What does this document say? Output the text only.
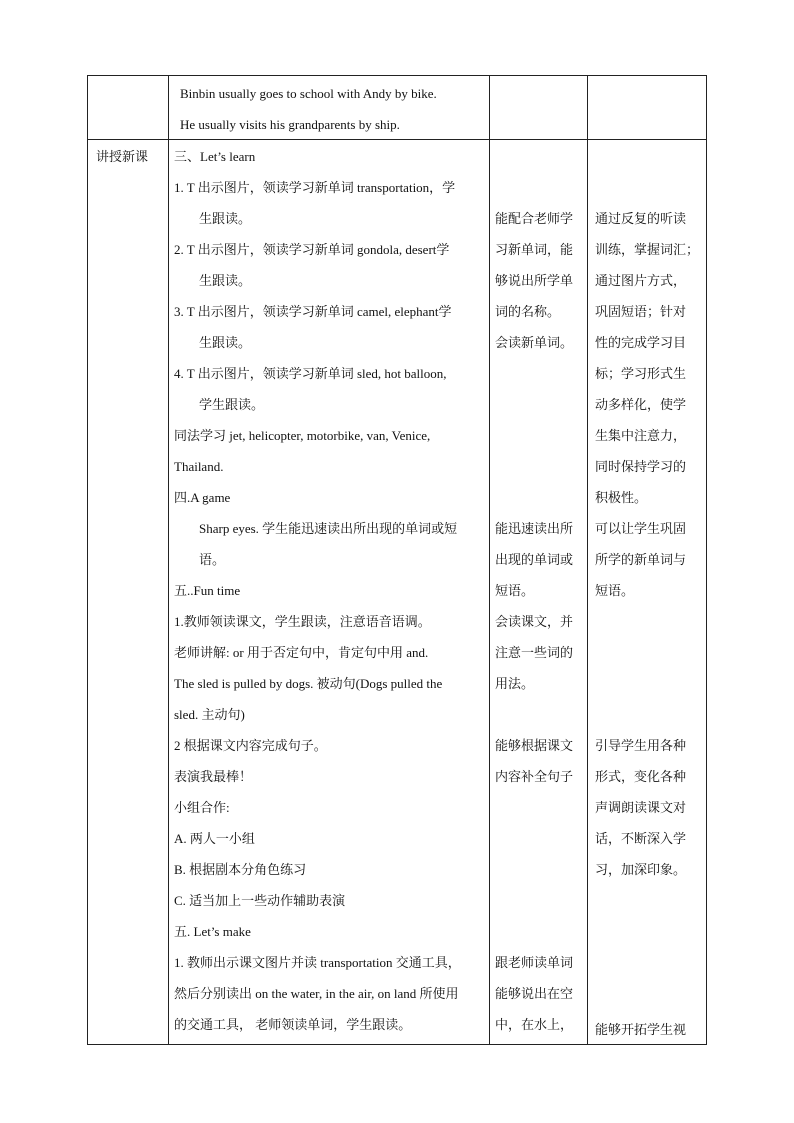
Binbin usually goes to school with Andy by bike.
He usually visits his grandparents by ship.
讲授新课 三、Let’s learn
1. T 出示图片，领读学习新单词 transportation，学
生跟读。
2. T 出示图片，领读学习新单词 gondola, desert学
生跟读。
3. T 出示图片，领读学习新单词 camel, elephant学
生跟读。
4. T 出示图片，领读学习新单词 sled, hot balloon,
学生跟读。
同法学习 jet, helicopter, motorbike, van, Venice,
Thailand.
四.A game
Sharp eyes. 学生能迅速读出所出现的单词或短
语。
五..Fun time
1.教师领读课文，学生跟读，注意语音语调。
老师讲解: or 用于否定句中，肯定句中用 and.
The sled is pulled by dogs. 被动句(Dogs pulled the
sled. 主动句)
2 根据课文内容完成句子。
表演我最棒！
小组合作:
A. 两人一小组
B. 根据剧本分角色练习
C. 适当加上一些动作辅助表演
五. Let’s make
1. 教师出示课文图片并读 transportation 交通工具，
然后分别读出 on the water, in the air, on land 所使用
的交通工具， 老师领读单词，学生跟读。
能配合老师学
习新单词，能
够说出所学单
词的名称。
会读新单词。
能迅速读出所
出现的单词或
短语。
会读课文，并
注意一些词的
用法。
能够根据课文
内容补全句子
跟老师读单词
能够说出在空
中，在水上，
通过反复的听读
训练，掌握词汇；
通过图片方式，
巩固短语；针对
性的完成学习目
标；学习形式生
动多样化，使学
生集中注意力，
同时保持学习的
积极性。
可以让学生巩固
所学的新单词与
短语。
引导学生用各种
形式，变化各种
声调朗读课文对
话，不断深入学
习，加深印象。
能够开拓学生视
